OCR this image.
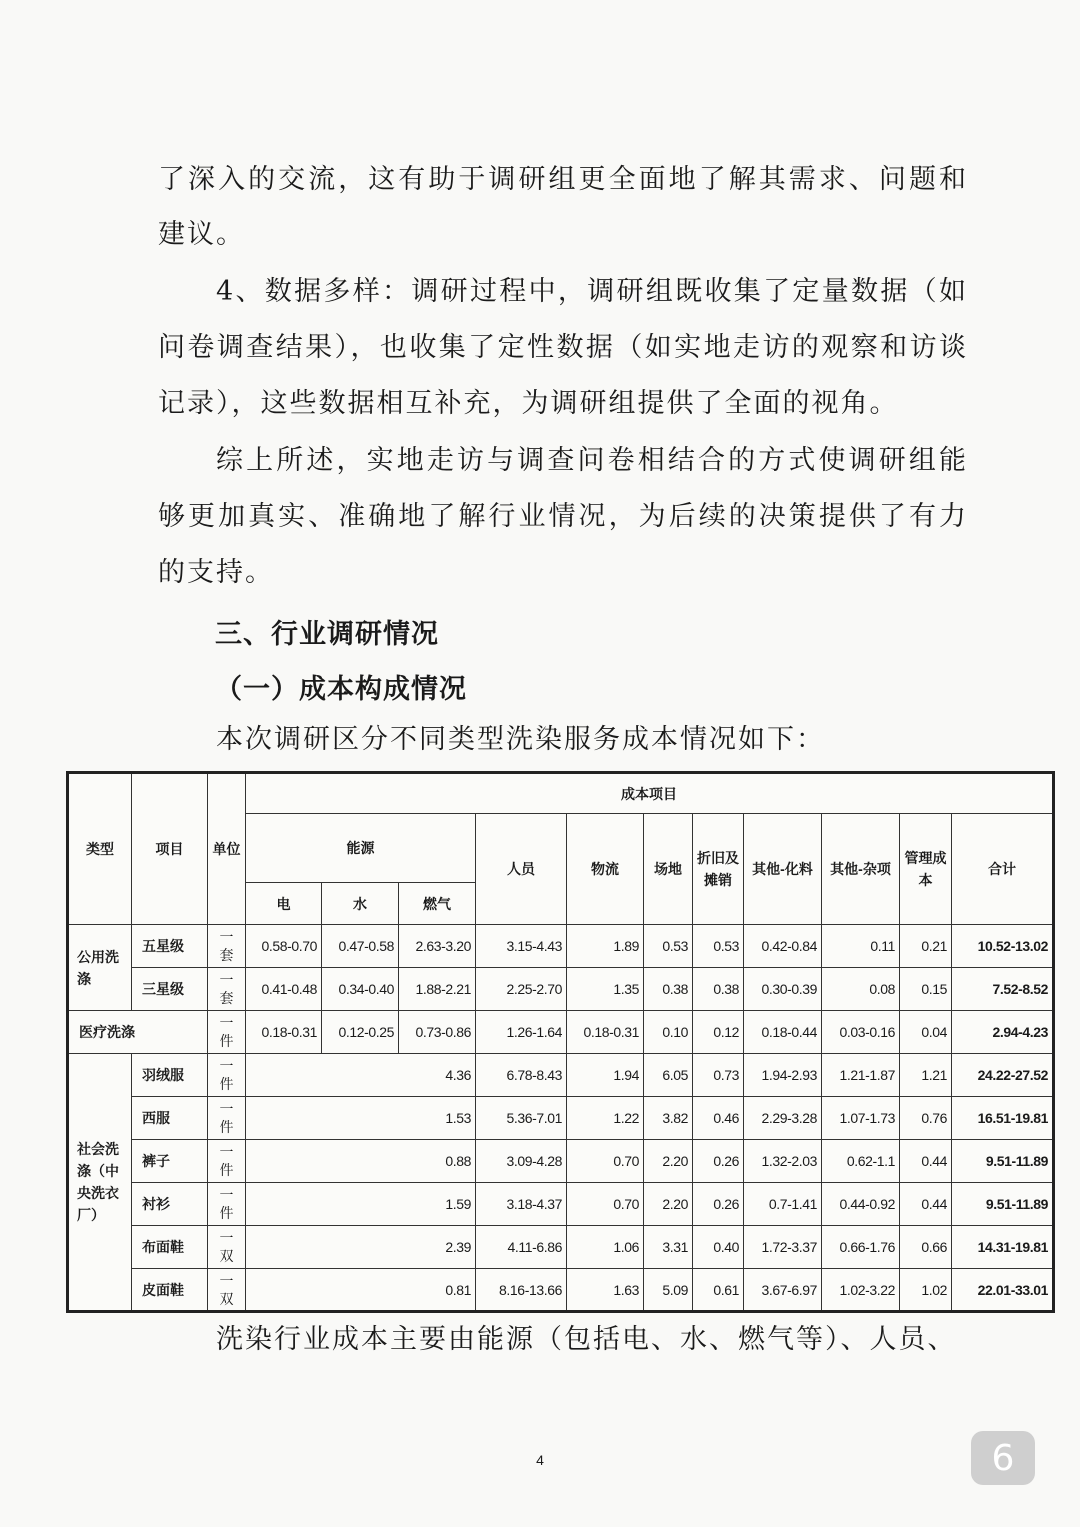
了深入的交流，这有助于调研组更全面地了解其需求、问题和

建议。

4、数据多样：调研过程中，调研组既收集了定量数据（如

问卷调查结果），也收集了定性数据（如实地走访的观察和访谈

记录），这些数据相互补充，为调研组提供了全面的视角。

综上所述，实地走访与调查问卷相结合的方式使调研组能

够更加真实、准确地了解行业情况，为后续的决策提供了有力

的支持。

三、行业调研情况
（一）成本构成情况

本次调研区分不同类型洗染服务成本情况如下：

类型	项目	单位	成本项目										
			能源			人员	物流	场地	折旧及摊销	其他-化料	其他-杂项	管理成本	合计
			电	水	燃气								
公用洗涤	五星级	一
套	0.58-0.70	0.47-0.58	2.63-3.20	3.15-4.43	1.89	0.53	0.53	0.42-0.84	0.11	0.21	10.52-13.02
	三星级	一
套	0.41-0.48	0.34-0.40	1.88-2.21	2.25-2.70	1.35	0.38	0.38	0.30-0.39	0.08	0.15	7.52-8.52
医疗洗涤		一
件	0.18-0.31	0.12-0.25	0.73-0.86	1.26-1.64	0.18-0.31	0.10	0.12	0.18-0.44	0.03-0.16	0.04	2.94-4.23
社会洗涤（中央洗衣厂）	羽绒服	一
件	4.36			6.78-8.43	1.94	6.05	0.73	1.94-2.93	1.21-1.87	1.21	24.22-27.52
	西服	一
件	1.53			5.36-7.01	1.22	3.82	0.46	2.29-3.28	1.07-1.73	0.76	16.51-19.81
	裤子	一
件	0.88			3.09-4.28	0.70	2.20	0.26	1.32-2.03	0.62-1.1	0.44	9.51-11.89
	衬衫	一
件	1.59			3.18-4.37	0.70	2.20	0.26	0.7-1.41	0.44-0.92	0.44	9.51-11.89
	布面鞋	一
双	2.39			4.11-6.86	1.06	3.31	0.40	1.72-3.37	0.66-1.76	0.66	14.31-19.81
	皮面鞋	一
双	0.81			8.16-13.66	1.63	5.09	0.61	3.67-6.97	1.02-3.22	1.02	22.01-33.01

洗染行业成本主要由能源（包括电、水、燃气等）、人员、

4	6
